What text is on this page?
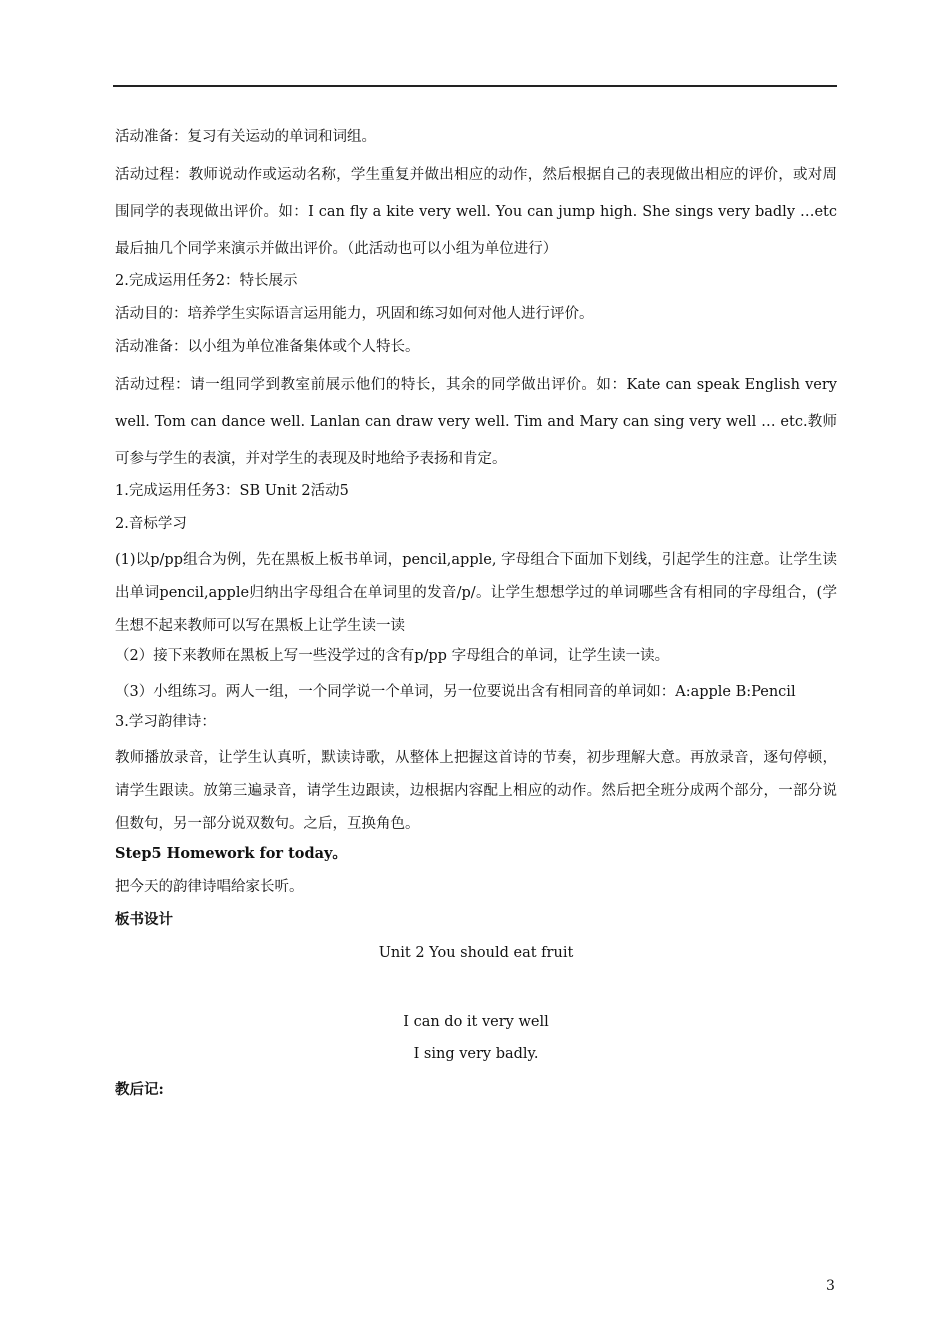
活动准备：复习有关运动的单词和词组。

活动过程：教师说动作或运动名称，学生重复并做出相应的动作，然后根据自己的表现做出相应的评价，或对周围同学的表现做出评价。如：I can fly a kite very well. You can jump high. She sings very badly …etc 最后抽几个同学来演示并做出评价。（此活动也可以小组为单位进行）

2.完成运用任务2：特长展示

活动目的：培养学生实际语言运用能力，巩固和练习如何对他人进行评价。

活动准备：以小组为单位准备集体或个人特长。

活动过程：请一组同学到教室前展示他们的特长，其余的同学做出评价。如：Kate can speak English very well. Tom can dance well. Lanlan can draw very well. Tim and Mary can sing very well … etc.教师可参与学生的表演，并对学生的表现及时地给予表扬和肯定。

1.完成运用任务3：SB Unit 2活动5

2.音标学习

(1)以p/pp组合为例，先在黑板上板书单词，pencil,apple, 字母组合下面加下划线，引起学生的注意。让学生读出单词pencil,apple归纳出字母组合在单词里的发音/p/。让学生想想学过的单词哪些含有相同的字母组合，(学生想不起来教师可以写在黑板上让学生读一读

（2）接下来教师在黑板上写一些没学过的含有p/pp 字母组合的单词，让学生读一读。

（3）小组练习。两人一组，一个同学说一个单词，另一位要说出含有相同音的单词如：A:apple B:Pencil

3.学习韵律诗：

教师播放录音，让学生认真听，默读诗歌，从整体上把握这首诗的节奏，初步理解大意。再放录音，逐句停顿，请学生跟读。放第三遍录音，请学生边跟读，边根据内容配上相应的动作。然后把全班分成两个部分，一部分说但数句，另一部分说双数句。之后，互换角色。

Step5 Homework for today。

把今天的韵律诗唱给家长听。

板书设计

Unit 2 You should eat fruit

I can do it very well

I sing very badly.

教后记:

3
